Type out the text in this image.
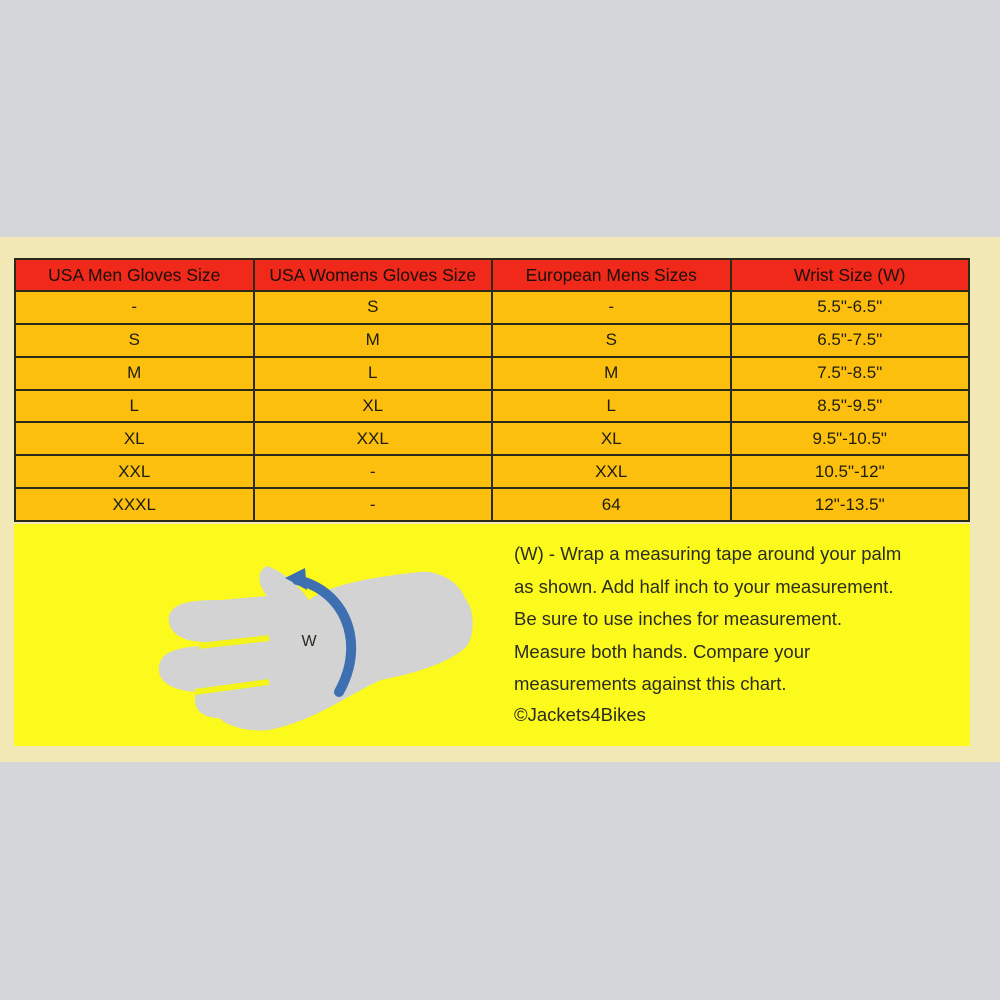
USA Men Gloves Size	USA Womens Gloves Size	European Mens Sizes	Wrist Size (W)
-	S	-	5.5"-6.5"
S	M	S	6.5"-7.5"
M	L	M	7.5"-8.5"
L	XL	L	8.5"-9.5"
XL	XXL	XL	9.5"-10.5"
XXL	-	XXL	10.5"-12"
XXXL	-	64	12"-13.5"
W

(W) - Wrap a measuring tape around your palm

as shown. Add half inch to your measurement.

Be sure to use inches for measurement.

Measure both hands. Compare your

measurements against this chart.

©Jackets4Bikes
